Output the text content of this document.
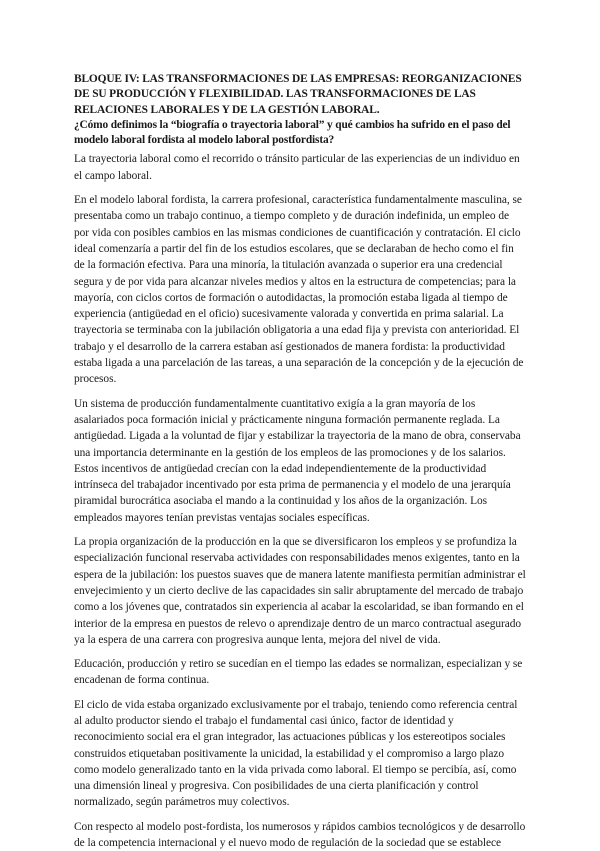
BLOQUE IV: LAS TRANSFORMACIONES DE LAS EMPRESAS: REORGANIZACIONES DE SU PRODUCCIÓN Y FLEXIBILIDAD. LAS TRANSFORMACIONES DE LAS RELACIONES LABORALES Y DE LA GESTIÓN LABORAL.

¿Cómo definimos la “biografía o trayectoria laboral” y qué cambios ha sufrido en el paso del modelo laboral fordista al modelo laboral postfordista?

La trayectoria laboral como el recorrido o tránsito particular de las experiencias de un individuo en el campo laboral.

En el modelo laboral fordista, la carrera profesional, característica fundamentalmente masculina, se presentaba como un trabajo continuo, a tiempo completo y de duración indefinida, un empleo de por vida con posibles cambios en las mismas condiciones de cuantificación y contratación. El ciclo ideal comenzaría a partir del fin de los estudios escolares, que se declaraban de hecho como el fin de la formación efectiva. Para una minoría, la titulación avanzada o superior era una credencial segura y de por vida para alcanzar niveles medios y altos en la estructura de competencias; para la mayoría, con ciclos cortos de formación o autodidactas, la promoción estaba ligada al tiempo de experiencia (antigüedad en el oficio) sucesivamente valorada y convertida en prima salarial. La trayectoria se terminaba con la jubilación obligatoria a una edad fija y prevista con anterioridad. El trabajo y el desarrollo de la carrera estaban así gestionados de manera fordista: la productividad estaba ligada a una parcelación de las tareas, a una separación de la concepción y de la ejecución de procesos.

Un sistema de producción fundamentalmente cuantitativo exigía a la gran mayoría de los asalariados poca formación inicial y prácticamente ninguna formación permanente reglada. La antigüedad. Ligada a la voluntad de fijar y estabilizar la trayectoria de la mano de obra, conservaba una importancia determinante en la gestión de los empleos de las promociones y de los salarios. Estos incentivos de antigüedad crecían con la edad independientemente de la productividad intrínseca del trabajador incentivado por esta prima de permanencia y el modelo de una jerarquía piramidal burocrática asociaba el mando a la continuidad y los años de la organización. Los empleados mayores tenían previstas ventajas sociales específicas.

La propia organización de la producción en la que se diversificaron los empleos y se profundiza la especialización funcional reservaba actividades con responsabilidades menos exigentes, tanto en la espera de la jubilación: los puestos suaves que de manera latente manifiesta permitían administrar el envejecimiento y un cierto declive de las capacidades sin salir abruptamente del mercado de trabajo como a los jóvenes que, contratados sin experiencia al acabar la escolaridad, se iban formando en el interior de la empresa en puestos de relevo o aprendizaje dentro de un marco contractual asegurado ya la espera de una carrera con progresiva aunque lenta, mejora del nivel de vida.

Educación, producción y retiro se sucedían en el tiempo las edades se normalizan, especializan y se encadenan de forma continua.

El ciclo de vida estaba organizado exclusivamente por el trabajo, teniendo como referencia central al adulto productor siendo el trabajo el fundamental casi único, factor de identidad y reconocimiento social era el gran integrador, las actuaciones públicas y los estereotipos sociales construidos etiquetaban positivamente la unicidad, la estabilidad y el compromiso a largo plazo como modelo generalizado tanto en la vida privada como laboral. El tiempo se percibía, así, como una dimensión lineal y progresiva. Con posibilidades de una cierta planificación y control normalizado, según parámetros muy colectivos.

Con respecto al modelo post-fordista, los numerosos y rápidos cambios tecnológicos y de desarrollo de la competencia internacional y el nuevo modo de regulación de la sociedad que se establece
